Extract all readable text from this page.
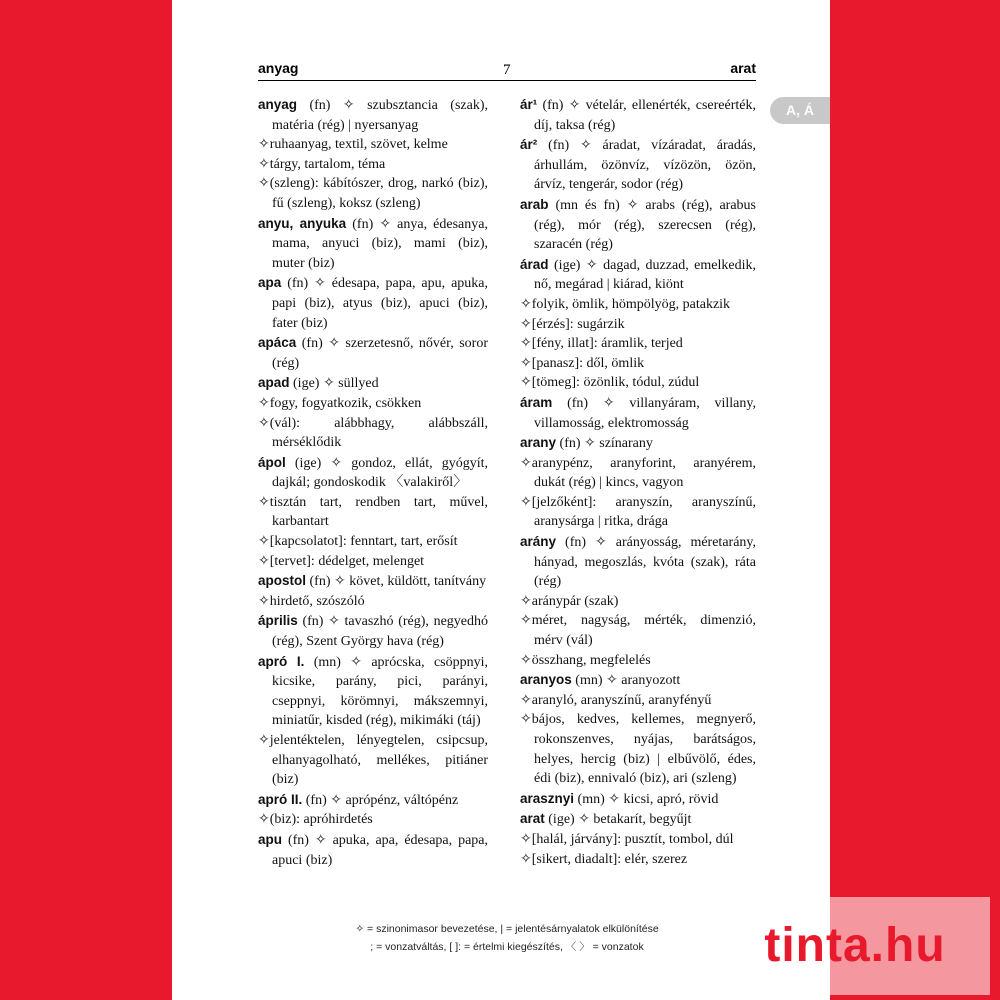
anyag	7	arat

anyag (fn) ✧ szubsztancia (szak), matéria (rég) | nyersanyag

✧ruhaanyag, textil, szövet, kelme

✧tárgy, tartalom, téma

✧(szleng): kábítószer, drog, narkó (biz), fű (szleng), koksz (szleng)

anyu, anyuka (fn) ✧ anya, édesanya, mama, anyuci (biz), mami (biz), muter (biz)

apa (fn) ✧ édesapa, papa, apu, apuka, papi (biz), atyus (biz), apuci (biz), fater (biz)

apáca (fn) ✧ szerzetesnő, nővér, soror (rég)

apad (ige) ✧ süllyed

✧fogy, fogyatkozik, csökken

✧(vál): alábbhagy, alábbszáll, mérséklődik

ápol (ige) ✧ gondoz, ellát, gyógyít, dajkál; gondoskodik 〈valakiről〉

✧tisztán tart, rendben tart, művel, karbantart

✧[kapcsolatot]: fenntart, tart, erősít

✧[tervet]: dédelget, melenget

apostol (fn) ✧ követ, küldött, tanítvány

✧hirdető, szószóló

április (fn) ✧ tavaszhó (rég), negyedhó (rég), Szent György hava (rég)

apró I. (mn) ✧ aprócska, csöppnyi, kicsike, parány, pici, parányi, cseppnyi, körömnyi, mákszemnyi, miniatűr, kisded (rég), mikimáki (táj)

✧jelentéktelen, lényegtelen, csipcsup, elhanyagolható, mellékes, pitiáner (biz)

apró II. (fn) ✧ aprópénz, váltópénz

✧(biz): apróhirdetés

apu (fn) ✧ apuka, apa, édesapa, papa, apuci (biz)

ár¹ (fn) ✧ vételár, ellenérték, csereérték, díj, taksa (rég)

ár² (fn) ✧ áradat, vízáradat, áradás, árhullám, özönvíz, vízözön, özön, árvíz, tengerár, sodor (rég)

arab (mn és fn) ✧ arabs (rég), arabus (rég), mór (rég), szerecsen (rég), szaracén (rég)

árad (ige) ✧ dagad, duzzad, emelkedik, nő, megárad | kiárad, kiönt

✧folyik, ömlik, hömpölyög, patakzik

✧[érzés]: sugárzik

✧[fény, illat]: áramlik, terjed

✧[panasz]: dől, ömlik

✧[tömeg]: özönlik, tódul, zúdul

áram (fn) ✧ villanyáram, villany, villamosság, elektromosság

arany (fn) ✧ színarany

✧aranypénz, aranyforint, aranyérem, dukát (rég) | kincs, vagyon

✧[jelzőként]: aranyszín, aranyszínű, aranysárga | ritka, drága

arány (fn) ✧ arányosság, méretarány, hányad, megoszlás, kvóta (szak), ráta (rég)

✧aránypár (szak)

✧méret, nagyság, mérték, dimenzió, mérv (vál)

✧összhang, megfelelés

aranyos (mn) ✧ aranyozott

✧aranyló, aranyszínű, aranyfényű

✧bájos, kedves, kellemes, megnyerő, rokonszenves, nyájas, barátságos, helyes, hercig (biz) | elbűvölő, édes, édi (biz), ennivaló (biz), ari (szleng)

arasznyi (mn) ✧ kicsi, apró, rövid

arat (ige) ✧ betakarít, begyűjt

✧[halál, járvány]: pusztít, tombol, dúl

✧[sikert, diadalt]: elér, szerez

✧ = szinonimasor bevezetése, | = jelentésárnyalatok elkülönítése
; = vonzatváltás, [ ]: = értelmi kiegészítés, 〈 〉 = vonzatok
A, Á
tinta.hu
